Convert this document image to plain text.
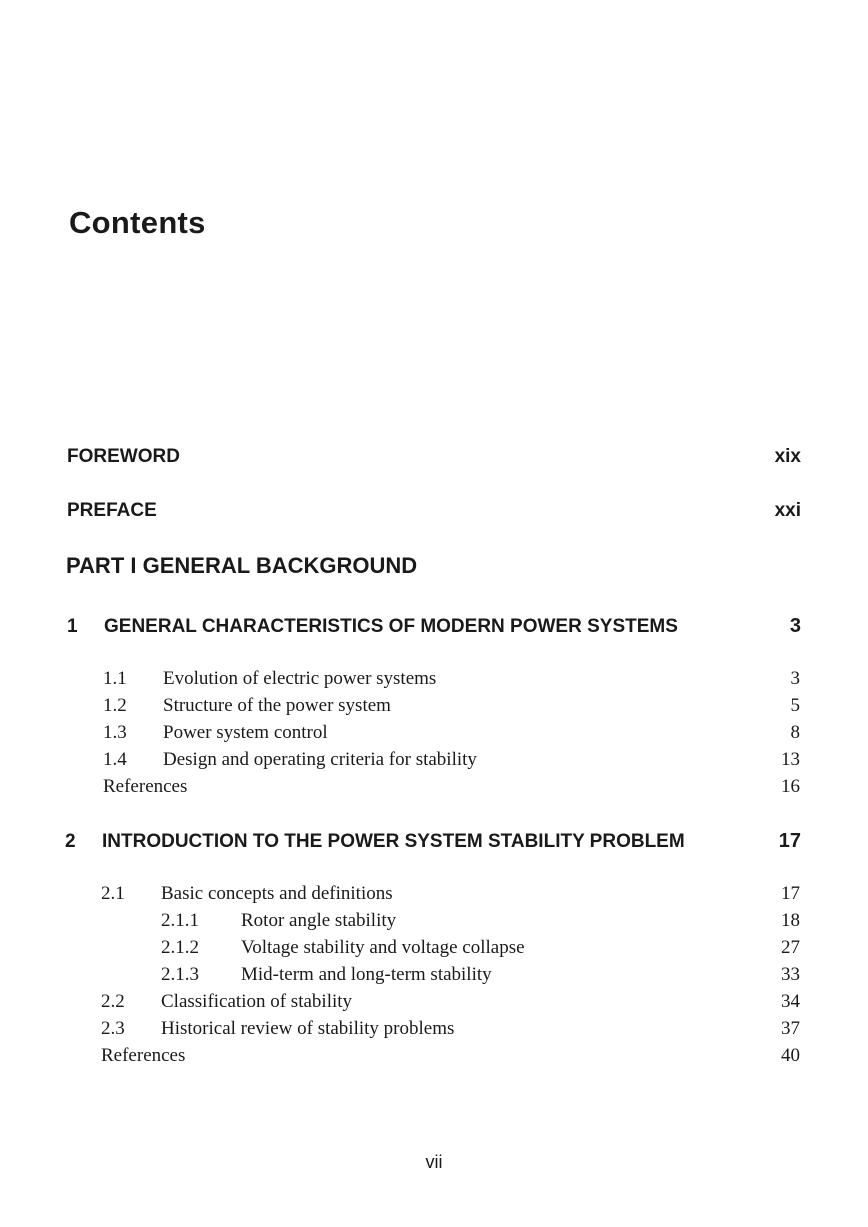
Contents
FOREWORD	xix
PREFACE	xxi
PART I GENERAL BACKGROUND
1 GENERAL CHARACTERISTICS OF MODERN POWER SYSTEMS	3
1.1 Evolution of electric power systems	3
1.2 Structure of the power system	5
1.3 Power system control	8
1.4 Design and operating criteria for stability	13
References	16
2 INTRODUCTION TO THE POWER SYSTEM STABILITY PROBLEM	17
2.1 Basic concepts and definitions	17
2.1.1 Rotor angle stability	18
2.1.2 Voltage stability and voltage collapse	27
2.1.3 Mid-term and long-term stability	33
2.2 Classification of stability	34
2.3 Historical review of stability problems	37
References	40
vii
